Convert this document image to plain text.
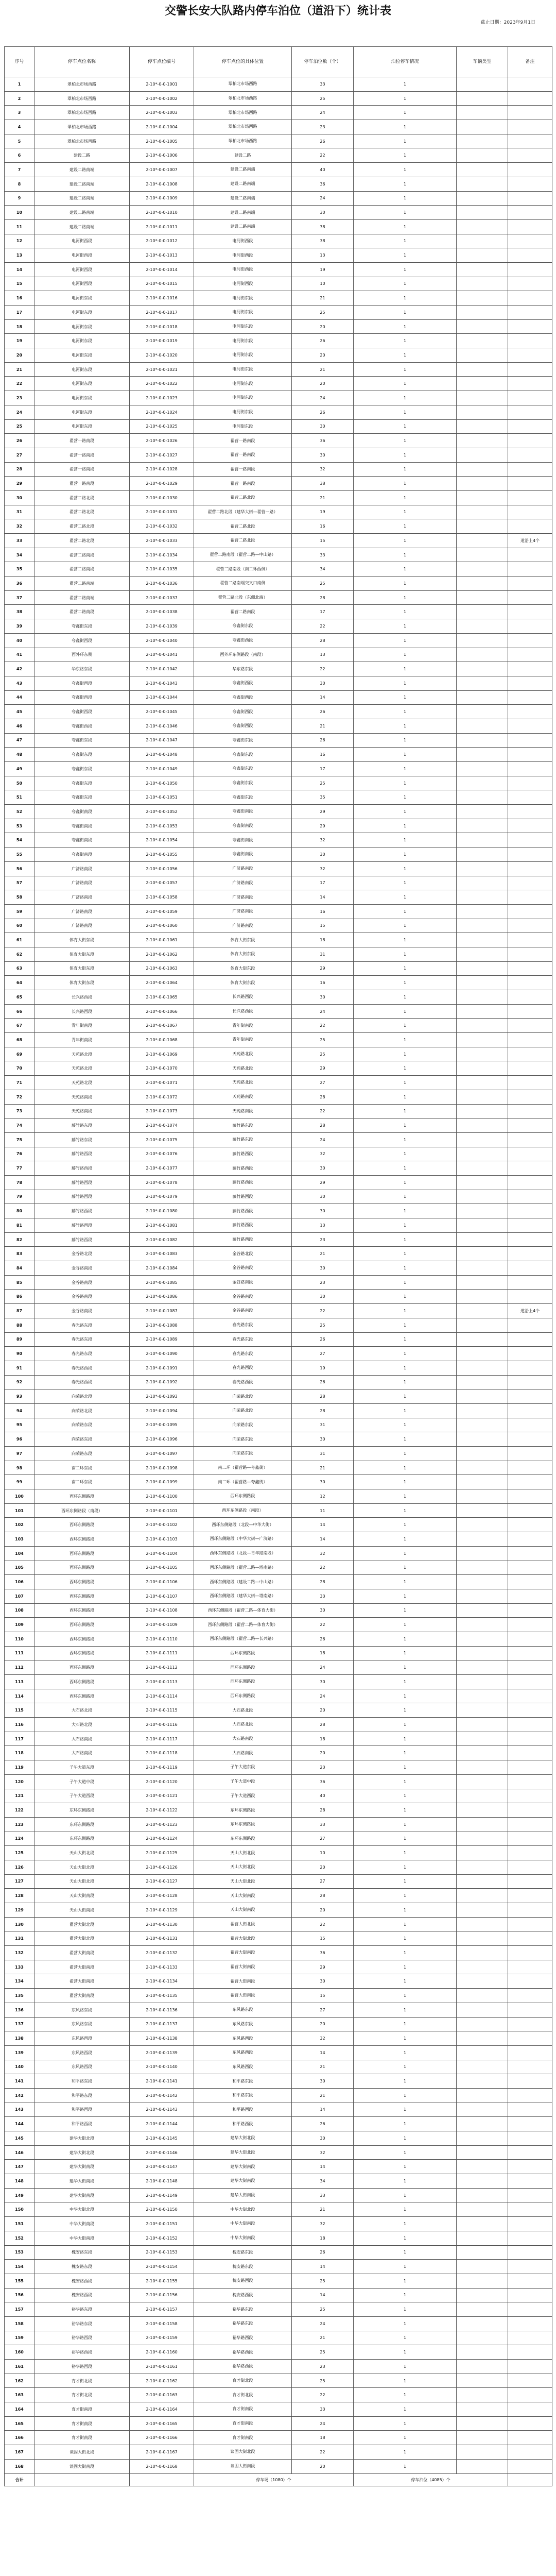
交警长安大队路内停车泊位（道沿下）统计表
截止日期：2023年9月1日
序号	停车点位名称	停车点位编号	停车点位的具体位置	停车泊位数（个）	泊位停车情况	车辆类型	备注
1	翠柏北市场西路	2-10*-0-0-1001	翠柏北市场西路	33	1		
2	翠柏北市场西路	2-10*-0-0-1002	翠柏北市场西路	25	1		
3	翠柏北市场西路	2-10*-0-0-1003	翠柏北市场西路	24	1		
4	翠柏北市场西路	2-10*-0-0-1004	翠柏北市场西路	23	1		
5	翠柏北市场西路	2-10*-0-0-1005	翠柏北市场西路	26	1		
6	建设二路	2-10*-0-0-1006	建设二路	22	1		
7	建设二路南端	2-10*-0-0-1007	建设二路南端	40	1		
8	建设二路南端	2-10*-0-0-1008	建设二路南端	36	1		
9	建设二路南端	2-10*-0-0-1009	建设二路南端	24	1		
10	建设二路南端	2-10*-0-0-1010	建设二路南端	30	1		
11	建设二路南端	2-10*-0-0-1011	建设二路南端	38	1		
12	电河街西段	2-10*-0-0-1012	电河街西段	38	1		
13	电河街西段	2-10*-0-0-1013	电河街西段	13	1		
14	电河街西段	2-10*-0-0-1014	电河街西段	19	1		
15	电河街西段	2-10*-0-0-1015	电河街西段	10	1		
16	电河街东段	2-10*-0-0-1016	电河街东段	21	1		
17	电河街东段	2-10*-0-0-1017	电河街东段	25	1		
18	电河街东段	2-10*-0-0-1018	电河街东段	20	1		
19	电河街东段	2-10*-0-0-1019	电河街东段	26	1		
20	电河街东段	2-10*-0-0-1020	电河街东段	20	1		
21	电河街东段	2-10*-0-0-1021	电河街东段	21	1		
22	电河街东段	2-10*-0-0-1022	电河街东段	20	1		
23	电河街东段	2-10*-0-0-1023	电河街东段	24	1		
24	电河街东段	2-10*-0-0-1024	电河街东段	26	1		
25	电河街东段	2-10*-0-0-1025	电河街东段	30	1		
26	翟营一路南段	2-10*-0-0-1026	翟营一路南段	36	1		
27	翟营一路南段	2-10*-0-0-1027	翟营一路南段	30	1		
28	翟营一路南段	2-10*-0-0-1028	翟营一路南段	32	1		
29	翟营一路南段	2-10*-0-0-1029	翟营一路南段	38	1		
30	翟营二路北段	2-10*-0-0-1030	翟营二路北段	21	1		
31	翟营二路北段	2-10*-0-0-1031	翟营二路北段（建华大街—翟营一路）	19	1		
32	翟营二路北段	2-10*-0-0-1032	翟营二路北段	16	1		
33	翟营二路北段	2-10*-0-0-1033	翟营二路北段	15	1		道沿上4个
34	翟营二路南段	2-10*-0-0-1034	翟营二路南段（翟营二路—中山路）	33	1		
35	翟营二路南段	2-10*-0-0-1035	翟营二路南段（南二环西侧）	34	1		
36	翟营二路南端	2-10*-0-0-1036	翟营二路南端交叉口南侧	25	1		
37	翟营二路南端	2-10*-0-0-1037	翟营二路北段（东侧北端）	28	1		
38	翟营二路南段	2-10*-0-0-1038	翟营二路南段	17	1		
39	夸鑫街东段	2-10*-0-0-1039	夸鑫街东段	22	1		
40	夸鑫街西段	2-10*-0-0-1040	夸鑫街西段	28	1		
41	西外环东侧	2-10*-0-0-1041	西外环东侧路段（南段）	13	1		
42	华东路东段	2-10*-0-0-1042	华东路东段	22	1		
43	夸鑫街西段	2-10*-0-0-1043	夸鑫街西段	30	1		
44	夸鑫街西段	2-10*-0-0-1044	夸鑫街西段	14	1		
45	夸鑫街西段	2-10*-0-0-1045	夸鑫街西段	26	1		
46	夸鑫街西段	2-10*-0-0-1046	夸鑫街西段	21	1		
47	夸鑫街东段	2-10*-0-0-1047	夸鑫街东段	26	1		
48	夸鑫街东段	2-10*-0-0-1048	夸鑫街东段	16	1		
49	夸鑫街东段	2-10*-0-0-1049	夸鑫街东段	17	1		
50	夸鑫街东段	2-10*-0-0-1050	夸鑫街东段	25	1		
51	夸鑫街东段	2-10*-0-0-1051	夸鑫街东段	35	1		
52	夸鑫街南段	2-10*-0-0-1052	夸鑫街南段	29	1		
53	夸鑫街南段	2-10*-0-0-1053	夸鑫街南段	29	1		
54	夸鑫街南段	2-10*-0-0-1054	夸鑫街南段	32	1		
55	夸鑫街南段	2-10*-0-0-1055	夸鑫街南段	30	1		
56	广济路南段	2-10*-0-0-1056	广济路南段	32	1		
57	广济路南段	2-10*-0-0-1057	广济路南段	17	1		
58	广济路南段	2-10*-0-0-1058	广济路南段	14	1		
59	广济路南段	2-10*-0-0-1059	广济路南段	16	1		
60	广济路南段	2-10*-0-0-1060	广济路南段	15	1		
61	体育大街东段	2-10*-0-0-1061	体育大街东段	18	1		
62	体育大街东段	2-10*-0-0-1062	体育大街东段	31	1		
63	体育大街东段	2-10*-0-0-1063	体育大街东段	29	1		
64	体育大街东段	2-10*-0-0-1064	体育大街东段	16	1		
65	长兴路西段	2-10*-0-0-1065	长兴路西段	30	1		
66	长兴路西段	2-10*-0-0-1066	长兴路西段	24	1		
67	青年街南段	2-10*-0-0-1067	青年街南段	22	1		
68	青年街南段	2-10*-0-0-1068	青年街南段	25	1		
69	天苑路北段	2-10*-0-0-1069	天苑路北段	25	1		
70	天苑路北段	2-10*-0-0-1070	天苑路北段	29	1		
71	天苑路北段	2-10*-0-0-1071	天苑路北段	27	1		
72	天苑路南段	2-10*-0-0-1072	天苑路南段	28	1		
73	天苑路南段	2-10*-0-0-1073	天苑路南段	22	1		
74	藤竹路东段	2-10*-0-0-1074	藤竹路东段	28	1		
75	藤竹路东段	2-10*-0-0-1075	藤竹路东段	24	1		
76	藤竹路西段	2-10*-0-0-1076	藤竹路西段	32	1		
77	藤竹路西段	2-10*-0-0-1077	藤竹路西段	30	1		
78	藤竹路西段	2-10*-0-0-1078	藤竹路西段	29	1		
79	藤竹路西段	2-10*-0-0-1079	藤竹路西段	30	1		
80	藤竹路西段	2-10*-0-0-1080	藤竹路西段	30	1		
81	藤竹路西段	2-10*-0-0-1081	藤竹路西段	13	1		
82	藤竹路西段	2-10*-0-0-1082	藤竹路西段	23	1		
83	金谷路北段	2-10*-0-0-1083	金谷路北段	21	1		
84	金谷路南段	2-10*-0-0-1084	金谷路南段	30	1		
85	金谷路南段	2-10*-0-0-1085	金谷路南段	23	1		
86	金谷路南段	2-10*-0-0-1086	金谷路南段	30	1		
87	金谷路南段	2-10*-0-0-1087	金谷路南段	22	1		道沿上4个
88	春光路东段	2-10*-0-0-1088	春光路东段	25	1		
89	春光路东段	2-10*-0-0-1089	春光路东段	26	1		
90	春光路东段	2-10*-0-0-1090	春光路东段	27	1		
91	春光路西段	2-10*-0-0-1091	春光路西段	19	1		
92	春光路西段	2-10*-0-0-1092	春光路西段	26	1		
93	向荣路北段	2-10*-0-0-1093	向荣路北段	28	1		
94	向荣路北段	2-10*-0-0-1094	向荣路北段	28	1		
95	向荣路东段	2-10*-0-0-1095	向荣路东段	31	1		
96	向荣路东段	2-10*-0-0-1096	向荣路东段	30	1		
97	向荣路东段	2-10*-0-0-1097	向荣路东段	31	1		
98	南二环东段	2-10*-0-0-1098	南二环（翟营路—夸鑫街）	21	1		
99	南二环东段	2-10*-0-0-1099	南二环（翟营路—夸鑫街）	30	1		
100	西环东侧路段	2-10*-0-0-1100	西环东侧路段	12	1		
101	西环东侧路段（南段）	2-10*-0-0-1101	西环东侧路段（南段）	11	1		
102	西环东侧路段	2-10*-0-0-1102	西环东侧路段（北段—中华大街）	14	1		
103	西环东侧路段	2-10*-0-0-1103	西环东侧路段（中华大街—广济路）	14	1		
104	西环东侧路段	2-10*-0-0-1104	西环东侧路段（北段—青年路南段）	32	1		
105	西环东侧路段	2-10*-0-0-1105	西环东侧路段（翟营二路—塔南路）	22	1		
106	西环东侧路段	2-10*-0-0-1106	西环东侧路段（建设二路—中山路）	28	1		
107	西环东侧路段	2-10*-0-0-1107	西环东侧路段（建华大街—塔南路）	33	1		
108	西环东侧路段	2-10*-0-0-1108	西环东侧路段（翟营二路—体育大街）	30	1		
109	西环东侧路段	2-10*-0-0-1109	西环东侧路段（翟营二路—体育大街）	22	1		
110	西环东侧路段	2-10*-0-0-1110	西环东侧路段（翟营二路—长兴路）	26	1		
111	西环东侧路段	2-10*-0-0-1111	西环东侧路段	18	1		
112	西环东侧路段	2-10*-0-0-1112	西环东侧路段	24	1		
113	西环东侧路段	2-10*-0-0-1113	西环东侧路段	30	1		
114	西环东侧路段	2-10*-0-0-1114	西环东侧路段	24	1		
115	大石路北段	2-10*-0-0-1115	大石路北段	20	1		
116	大石路北段	2-10*-0-0-1116	大石路北段	28	1		
117	大石路南段	2-10*-0-0-1117	大石路南段	18	1		
118	大石路南段	2-10*-0-0-1118	大石路南段	20	1		
119	子午大道东段	2-10*-0-0-1119	子午大道东段	23	1		
120	子午大道中段	2-10*-0-0-1120	子午大道中段	36	1		
121	子午大道西段	2-10*-0-0-1121	子午大道西段	40	1		
122	东环东侧路段	2-10*-0-0-1122	东环东侧路段	28	1		
123	东环东侧路段	2-10*-0-0-1123	东环东侧路段	33	1		
124	东环东侧路段	2-10*-0-0-1124	东环东侧路段	27	1		
125	天山大街北段	2-10*-0-0-1125	天山大街北段	10	1		
126	天山大街北段	2-10*-0-0-1126	天山大街北段	20	1		
127	天山大街北段	2-10*-0-0-1127	天山大街北段	27	1		
128	天山大街南段	2-10*-0-0-1128	天山大街南段	28	1		
129	天山大街南段	2-10*-0-0-1129	天山大街南段	20	1		
130	翟营大街北段	2-10*-0-0-1130	翟营大街北段	22	1		
131	翟营大街北段	2-10*-0-0-1131	翟营大街北段	15	1		
132	翟营大街南段	2-10*-0-0-1132	翟营大街南段	36	1		
133	翟营大街南段	2-10*-0-0-1133	翟营大街南段	29	1		
134	翟营大街南段	2-10*-0-0-1134	翟营大街南段	30	1		
135	翟营大街南段	2-10*-0-0-1135	翟营大街南段	15	1		
136	东风路东段	2-10*-0-0-1136	东风路东段	27	1		
137	东风路东段	2-10*-0-0-1137	东风路东段	20	1		
138	东风路西段	2-10*-0-0-1138	东风路西段	32	1		
139	东风路西段	2-10*-0-0-1139	东风路西段	14	1		
140	东风路西段	2-10*-0-0-1140	东风路西段	21	1		
141	和平路东段	2-10*-0-0-1141	和平路东段	30	1		
142	和平路东段	2-10*-0-0-1142	和平路东段	21	1		
143	和平路西段	2-10*-0-0-1143	和平路西段	14	1		
144	和平路西段	2-10*-0-0-1144	和平路西段	26	1		
145	建华大街北段	2-10*-0-0-1145	建华大街北段	30	1		
146	建华大街北段	2-10*-0-0-1146	建华大街北段	32	1		
147	建华大街南段	2-10*-0-0-1147	建华大街南段	14	1		
148	建华大街南段	2-10*-0-0-1148	建华大街南段	34	1		
149	建华大街南段	2-10*-0-0-1149	建华大街南段	33	1		
150	中华大街北段	2-10*-0-0-1150	中华大街北段	21	1		
151	中华大街南段	2-10*-0-0-1151	中华大街南段	32	1		
152	中华大街南段	2-10*-0-0-1152	中华大街南段	18	1		
153	槐安路东段	2-10*-0-0-1153	槐安路东段	26	1		
154	槐安路东段	2-10*-0-0-1154	槐安路东段	14	1		
155	槐安路西段	2-10*-0-0-1155	槐安路西段	25	1		
156	槐安路西段	2-10*-0-0-1156	槐安路西段	14	1		
157	裕华路东段	2-10*-0-0-1157	裕华路东段	25	1		
158	裕华路东段	2-10*-0-0-1158	裕华路东段	24	1		
159	裕华路西段	2-10*-0-0-1159	裕华路西段	21	1		
160	裕华路西段	2-10*-0-0-1160	裕华路西段	25	1		
161	裕华路西段	2-10*-0-0-1161	裕华路西段	23	1		
162	育才街北段	2-10*-0-0-1162	育才街北段	25	1		
163	育才街北段	2-10*-0-0-1163	育才街北段	22	1		
164	育才街南段	2-10*-0-0-1164	育才街南段	33	1		
165	育才街南段	2-10*-0-0-1165	育才街南段	24	1		
166	育才街南段	2-10*-0-0-1166	育才街南段	18	1		
167	谈固大街北段	2-10*-0-0-1167	谈固大街北段	22	1		
168	谈固大街南段	2-10*-0-0-1168	谈固大街南段	20	1		
合计			停车场（1080）个		停车泊位（4085）个		
